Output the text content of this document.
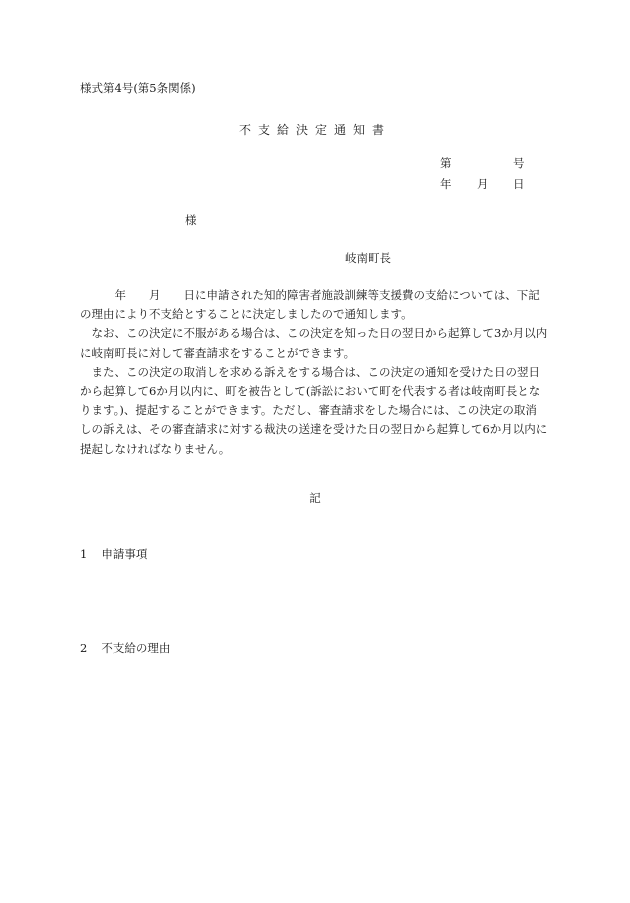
様式第4号(第5条関係)
不支給決定通知書
第	号
年 月 日
様
岐南町長
　　　年　　月　　日に申請された知的障害者施設訓練等支援費の支給については、下記
の理由により不支給とすることに決定しましたので通知します。
　なお、この決定に不服がある場合は、この決定を知った日の翌日から起算して3か月以内
に岐南町長に対して審査請求をすることができます。
　また、この決定の取消しを求める訴えをする場合は、この決定の通知を受けた日の翌日
から起算して6か月以内に、町を被告として(訴訟において町を代表する者は岐南町長とな
ります。)、提起することができます。ただし、審査請求をした場合には、この決定の取消
しの訴えは、その審査請求に対する裁決の送達を受けた日の翌日から起算して6か月以内に
提起しなければなりません。
記
1 申請事項
2 不支給の理由
